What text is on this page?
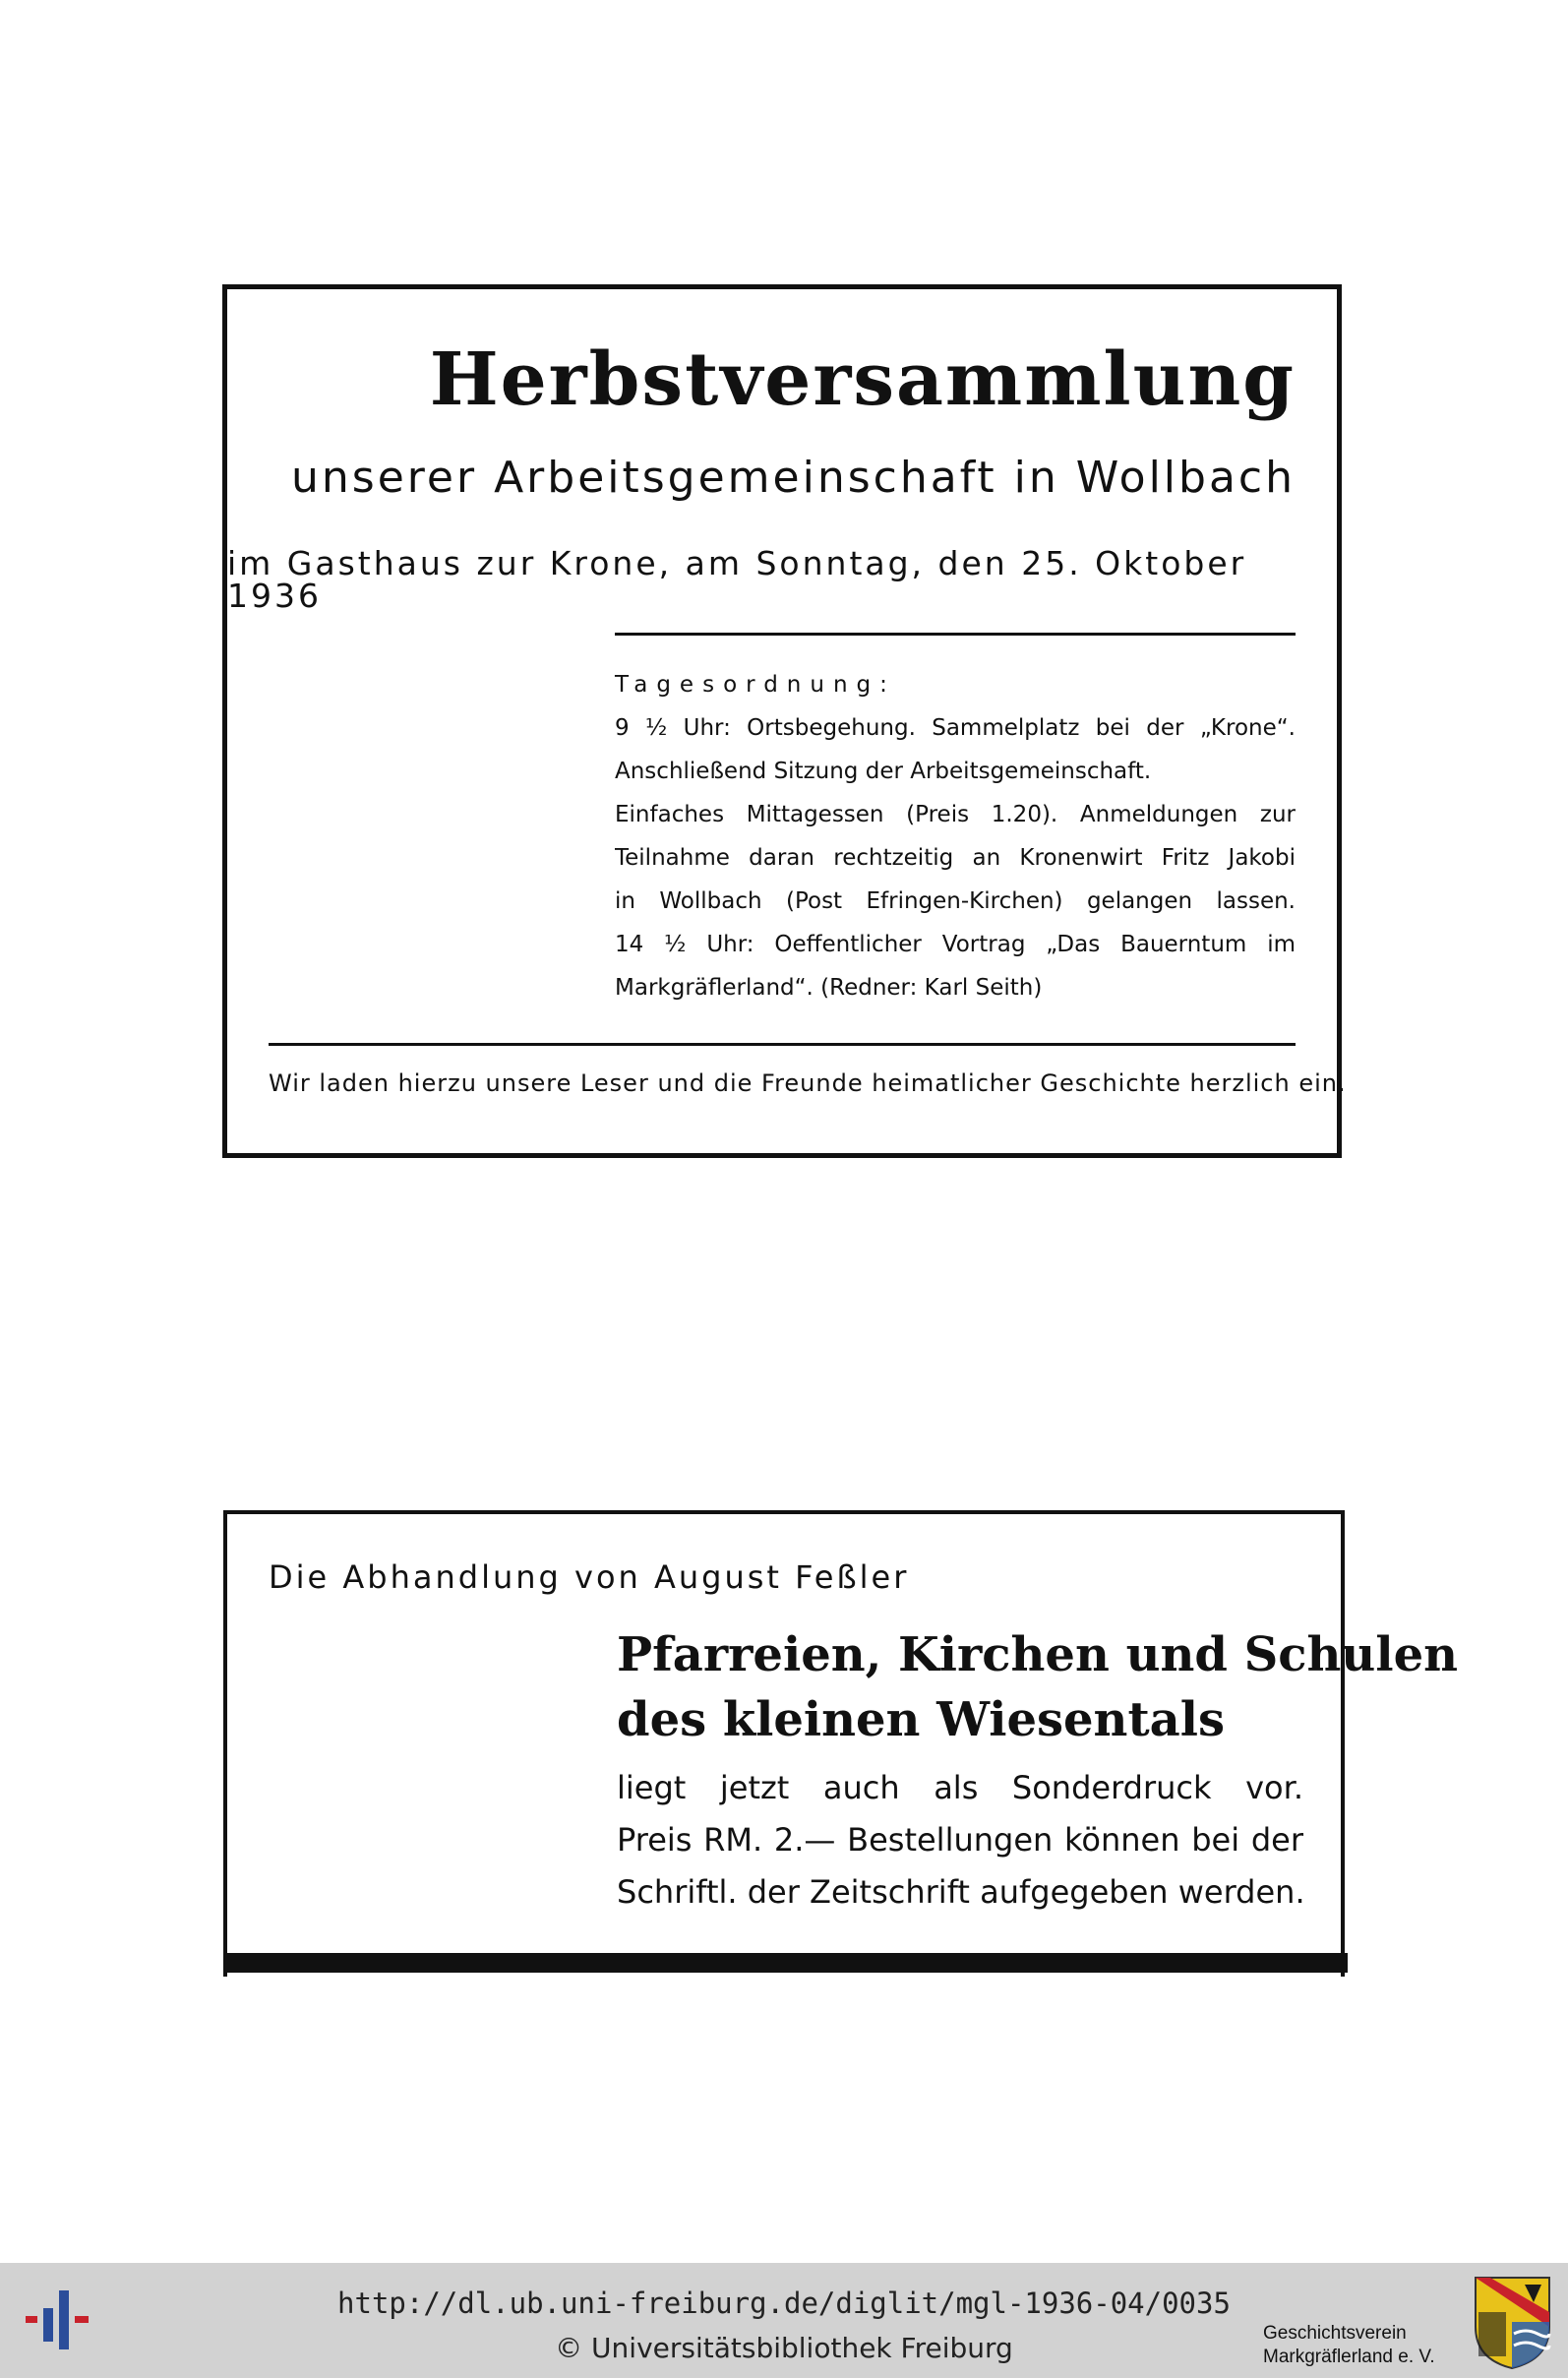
Herbstversammlung
unserer Arbeitsgemeinschaft in Wollbach
im Gasthaus zur Krone, am Sonntag, den 25. Oktober 1936
Tagesordnung:
9 ½ Uhr: Ortsbegehung. Sammelplatz bei der „Krone“.
Anschließend Sitzung der Arbeitsgemeinschaft.
Einfaches Mittagessen (Preis 1.20). Anmeldungen zur
Teilnahme daran rechtzeitig an Kronenwirt Fritz Jakobi
in Wollbach (Post Efringen-Kirchen) gelangen lassen.
14 ½ Uhr: Oeffentlicher Vortrag „Das Bauerntum im
Markgräflerland“. (Redner: Karl Seith)
Wir laden hierzu unsere Leser und die Freunde heimatlicher Geschichte herzlich ein.
Die Abhandlung von August Feßler
Pfarreien, Kirchen und Schulen
des kleinen Wiesentals
liegt jetzt auch als Sonderdruck vor.
Preis RM. 2.— Bestellungen können bei der
Schriftl. der Zeitschrift aufgegeben werden.
http://dl.ub.uni-freiburg.de/diglit/mgl-1936-04/0035
© Universitätsbibliothek Freiburg	Geschichtsverein
Markgräflerland e. V.
